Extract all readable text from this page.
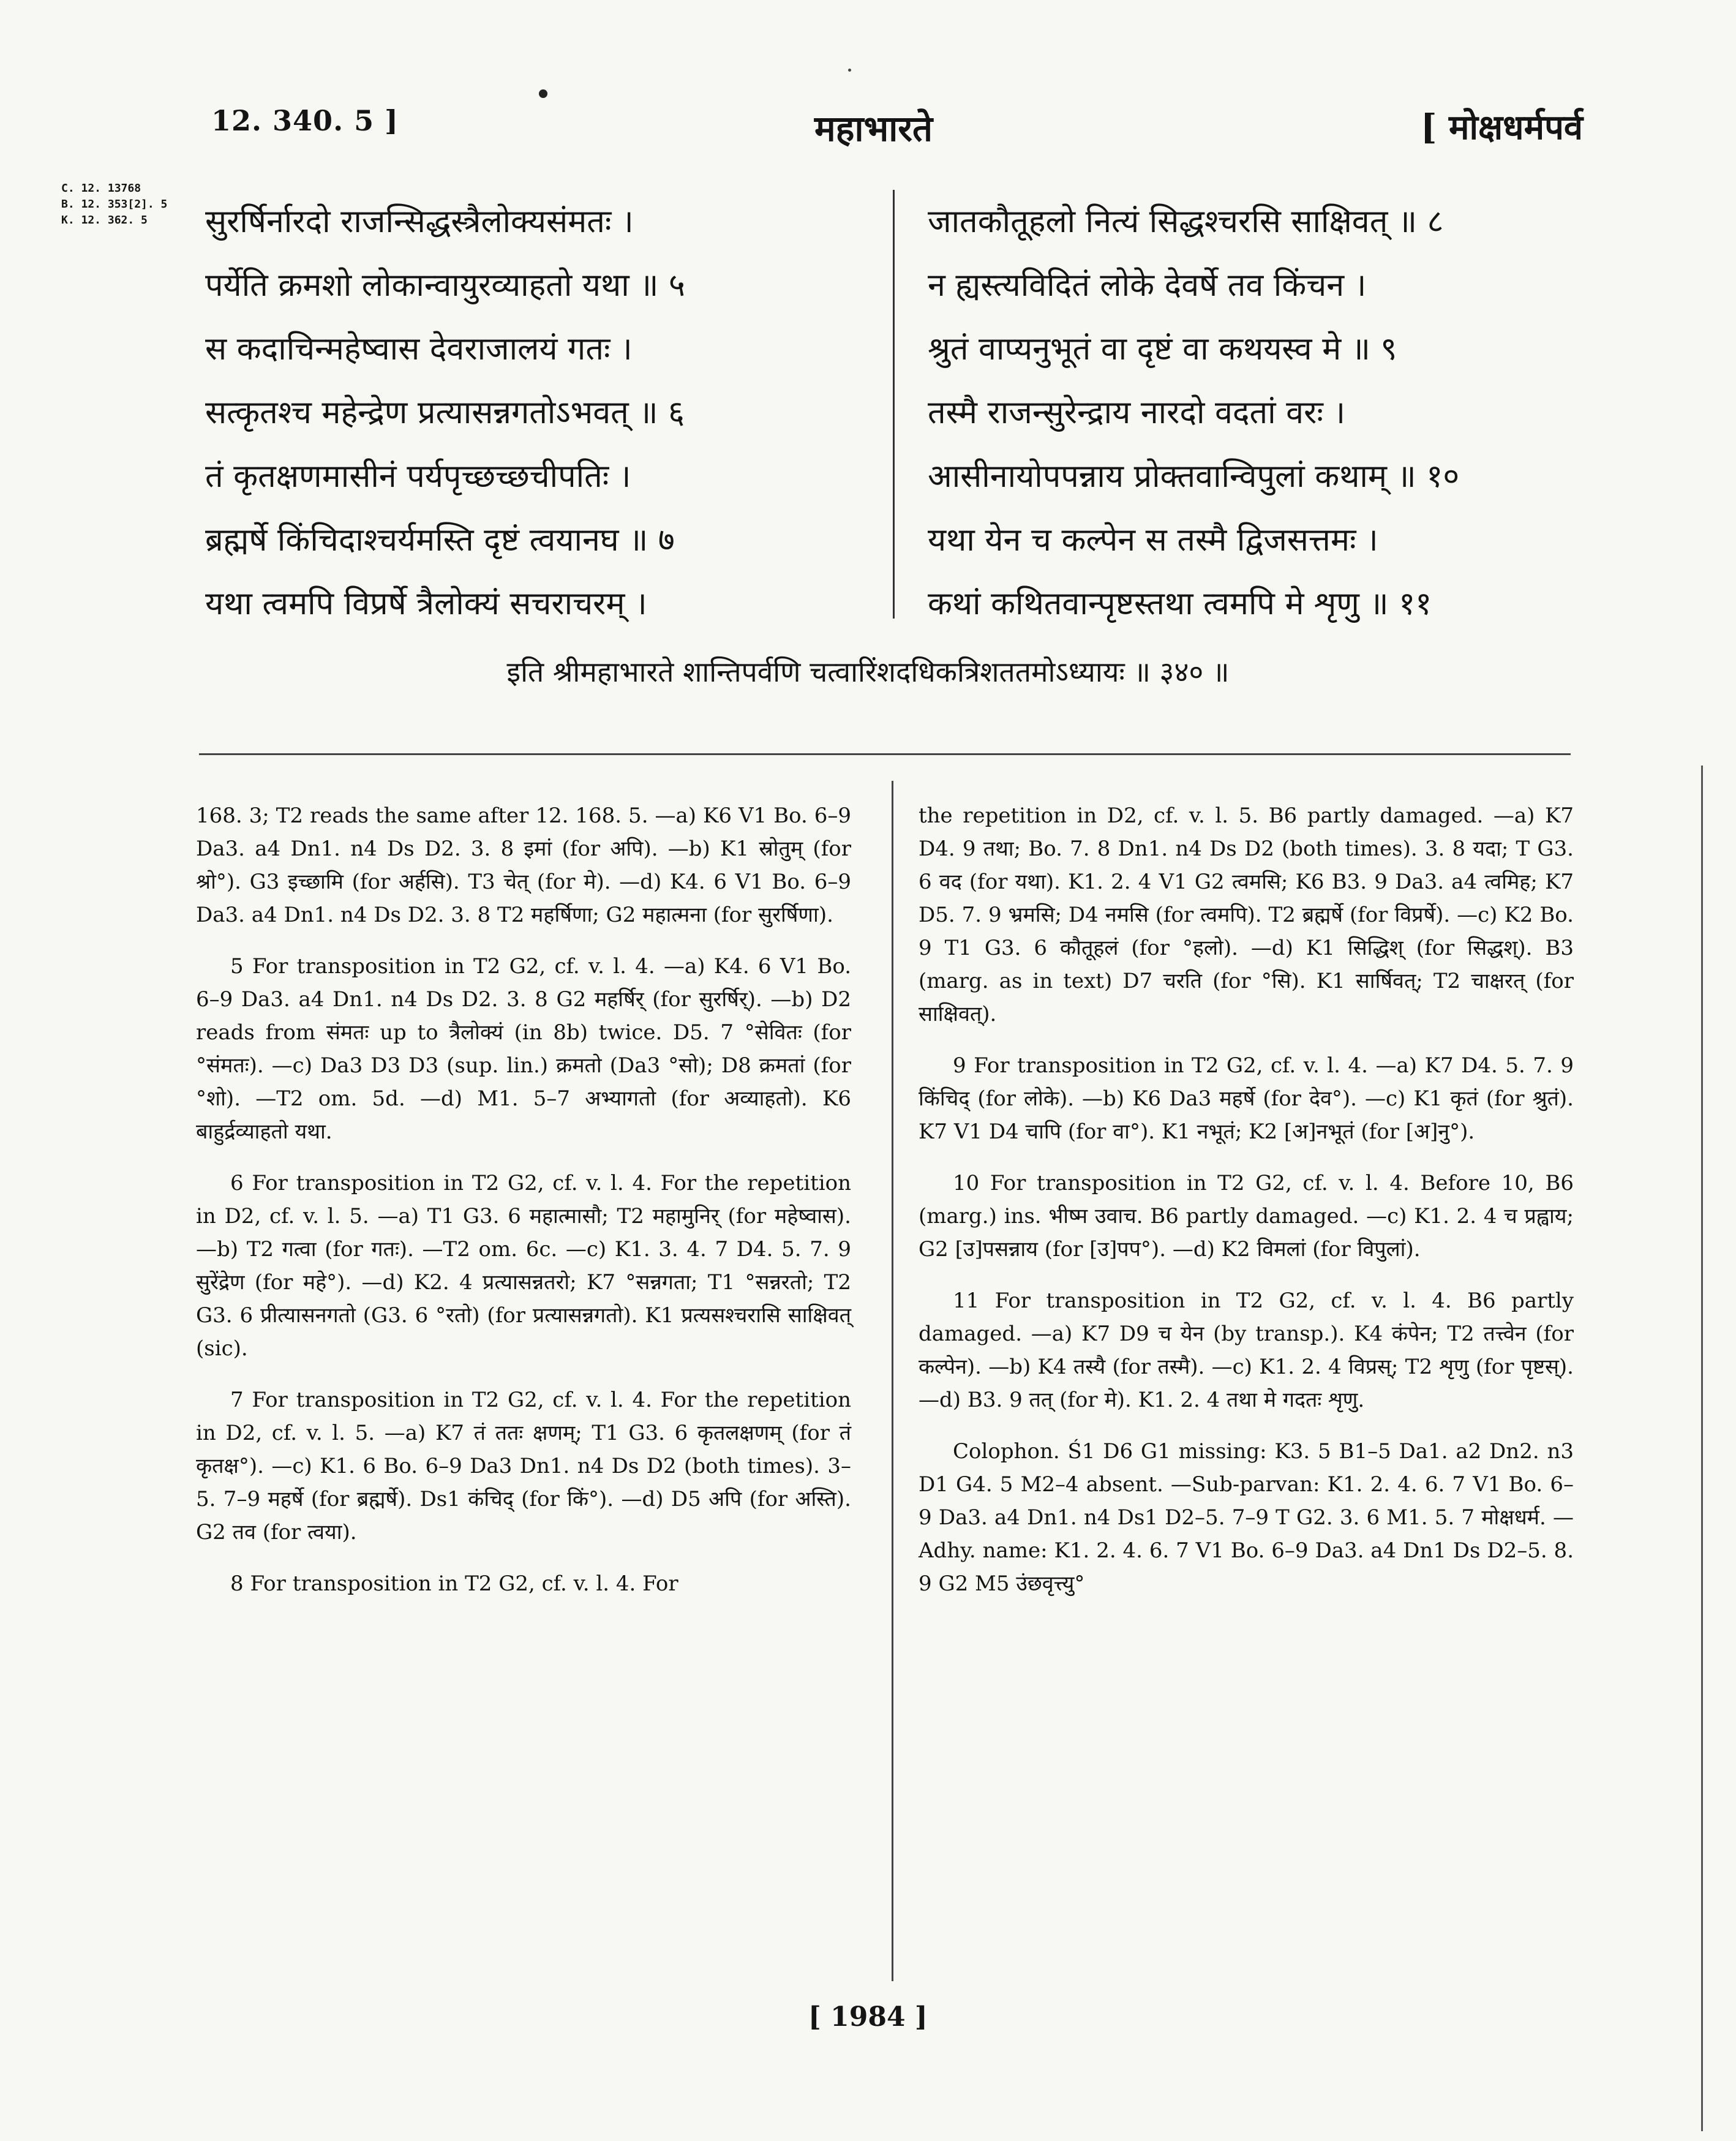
12. 340. 5 ]	महाभारते	[ मोक्षधर्मपर्व
C. 12. 13768
B. 12. 353[2]. 5
K. 12. 362. 5	सुरर्षिर्नारदो राजन्सिद्धस्त्रैलोक्यसंमतः ।
पर्येति क्रमशो लोकान्वायुरव्याहतो यथा ॥ ५
स कदाचिन्महेष्वास देवराजालयं गतः ।
सत्कृतश्च महेन्द्रेण प्रत्यासन्नगतोऽभवत् ॥ ६
तं कृतक्षणमासीनं पर्यपृच्छच्छचीपतिः ।
ब्रह्मर्षे किंचिदाश्चर्यमस्ति दृष्टं त्वयानघ ॥ ७
यथा त्वमपि विप्रर्षे त्रैलोक्यं सचराचरम् ।
जातकौतूहलो नित्यं सिद्धश्चरसि साक्षिवत् ॥ ८
न ह्यस्त्यविदितं लोके देवर्षे तव किंचन ।
श्रुतं वाप्यनुभूतं वा दृष्टं वा कथयस्व मे ॥ ९
तस्मै राजन्सुरेन्द्राय नारदो वदतां वरः ।
आसीनायोपपन्नाय प्रोक्तवान्विपुलां कथाम् ॥ १०
यथा येन च कल्पेन स तस्मै द्विजसत्तमः ।
कथां कथितवान्पृष्टस्तथा त्वमपि मे शृणु ॥ ११
इति श्रीमहाभारते शान्तिपर्वणि चत्वारिंशदधिकत्रिशततमोऽध्यायः ॥ ३४० ॥

168. 3; T2 reads the same after 12. 168. 5. —a) K6 V1 Bo. 6–9 Da3. a4 Dn1. n4 Ds D2. 3. 8 इमां (for अपि). —b) K1 स्रोतुम् (for श्रो°). G3 इच्छामि (for अर्हसि). T3 चेत् (for मे). —d) K4. 6 V1 Bo. 6–9 Da3. a4 Dn1. n4 Ds D2. 3. 8 T2 महर्षिणा; G2 महात्मना (for सुरर्षिणा).

5 For transposition in T2 G2, cf. v. l. 4. —a) K4. 6 V1 Bo. 6–9 Da3. a4 Dn1. n4 Ds D2. 3. 8 G2 महर्षिर् (for सुरर्षिर्). —b) D2 reads from संमतः up to त्रैलोक्यं (in 8b) twice. D5. 7 °सेवितः (for °संमतः). —c) Da3 D3 D3 (sup. lin.) क्रमतो (Da3 °सो); D8 क्रमतां (for °शो). —T2 om. 5d. —d) M1. 5–7 अभ्यागतो (for अव्याहतो). K6 बाहुर्द्रव्याहतो यथा.

6 For transposition in T2 G2, cf. v. l. 4. For the repetition in D2, cf. v. l. 5. —a) T1 G3. 6 महात्मासौ; T2 महामुनिर् (for महेष्वास). —b) T2 गत्वा (for गतः). —T2 om. 6c. —c) K1. 3. 4. 7 D4. 5. 7. 9 सुरेंद्रेण (for महे°). —d) K2. 4 प्रत्यासन्नतरो; K7 °सन्नगता; T1 °सन्नरतो; T2 G3. 6 प्रीत्यासनगतो (G3. 6 °रतो) (for प्रत्यासन्नगतो). K1 प्रत्यसश्चरासि साक्षिवत् (sic).

7 For transposition in T2 G2, cf. v. l. 4. For the repetition in D2, cf. v. l. 5. —a) K7 तं ततः क्षणम्; T1 G3. 6 कृतलक्षणम् (for तं कृतक्ष°). —c) K1. 6 Bo. 6–9 Da3 Dn1. n4 Ds D2 (both times). 3–5. 7–9 महर्षे (for ब्रह्मर्षे). Ds1 कंचिद् (for किं°). —d) D5 अपि (for अस्ति). G2 तव (for त्वया).

8 For transposition in T2 G2, cf. v. l. 4. For

the repetition in D2, cf. v. l. 5. B6 partly damaged. —a) K7 D4. 9 तथा; Bo. 7. 8 Dn1. n4 Ds D2 (both times). 3. 8 यदा; T G3. 6 वद (for यथा). K1. 2. 4 V1 G2 त्वमसि; K6 B3. 9 Da3. a4 त्वमिह; K7 D5. 7. 9 भ्रमसि; D4 नमसि (for त्वमपि). T2 ब्रह्मर्षे (for विप्रर्षे). —c) K2 Bo. 9 T1 G3. 6 कौतूहलं (for °हलो). —d) K1 सिद्धिश् (for सिद्धश्). B3 (marg. as in text) D7 चरति (for °सि). K1 सार्षिवत्; T2 चाक्षरत् (for साक्षिवत्).

9 For transposition in T2 G2, cf. v. l. 4. —a) K7 D4. 5. 7. 9 किंचिद् (for लोके). —b) K6 Da3 महर्षे (for देव°). —c) K1 कृतं (for श्रुतं). K7 V1 D4 चापि (for वा°). K1 नभूतं; K2 [अ]नभूतं (for [अ]नु°).

10 For transposition in T2 G2, cf. v. l. 4. Before 10, B6 (marg.) ins. भीष्म उवाच. B6 partly damaged. —c) K1. 2. 4 च प्रह्वाय; G2 [उ]पसन्नाय (for [उ]पप°). —d) K2 विमलां (for विपुलां).

11 For transposition in T2 G2, cf. v. l. 4. B6 partly damaged. —a) K7 D9 च येन (by transp.). K4 कंपेन; T2 तत्त्वेन (for कल्पेन). —b) K4 तस्यै (for तस्मै). —c) K1. 2. 4 विप्रस्; T2 शृणु (for पृष्टस्). —d) B3. 9 तत् (for मे). K1. 2. 4 तथा मे गदतः शृणु.

Colophon. Ś1 D6 G1 missing: K3. 5 B1–5 Da1. a2 Dn2. n3 D1 G4. 5 M2–4 absent. —Sub-parvan: K1. 2. 4. 6. 7 V1 Bo. 6–9 Da3. a4 Dn1. n4 Ds1 D2–5. 7–9 T G2. 3. 6 M1. 5. 7 मोक्षधर्म. —Adhy. name: K1. 2. 4. 6. 7 V1 Bo. 6–9 Da3. a4 Dn1 Ds D2–5. 8. 9 G2 M5 उंछवृत्त्यु°

[ 1984 ]
